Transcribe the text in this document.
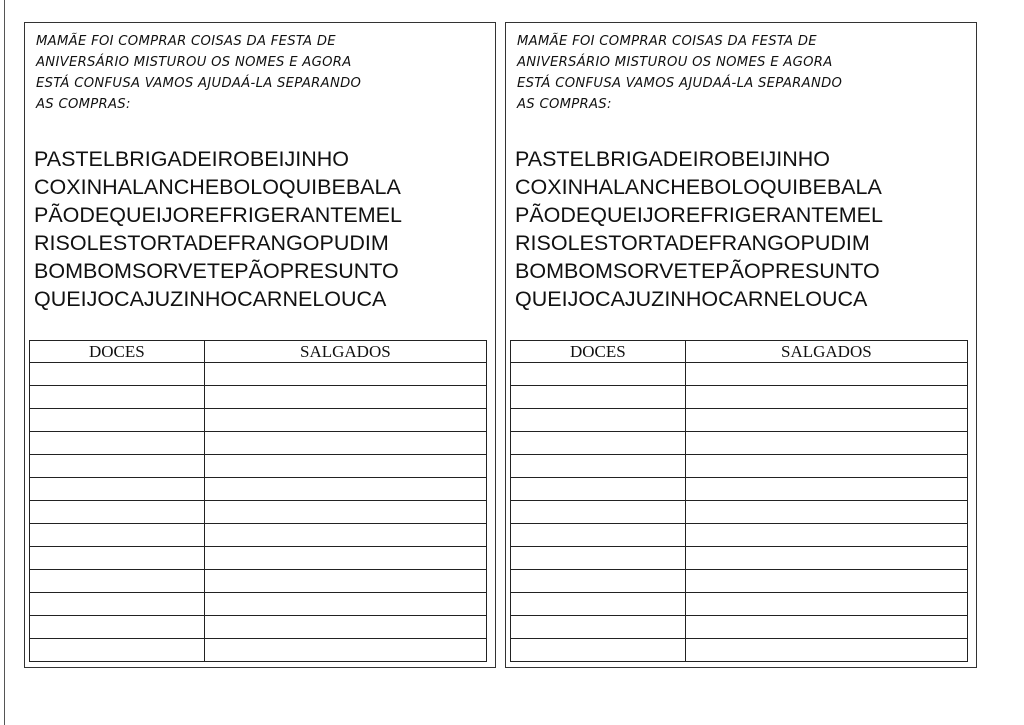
MAMÃE FOI COMPRAR COISAS DA FESTA DE
ANIVERSÁRIO MISTUROU OS NOMES E AGORA
ESTÁ CONFUSA VAMOS AJUDAÁ-LA SEPARANDO
AS COMPRAS:
PASTELBRIGADEIROBEIJINHO
COXINHALANCHEBOLOQUIBEBALA
PÃODEQUEIJOREFRIGERANTEMEL
RISOLESTORTADEFRANGOPUDIM
BOMBOMSORVETEPÃOPRESUNTO
QUEIJOCAJUZINHOCARNELOUCA
DOCES	SALGADOS

MAMÃE FOI COMPRAR COISAS DA FESTA DE
ANIVERSÁRIO MISTUROU OS NOMES E AGORA
ESTÁ CONFUSA VAMOS AJUDAÁ-LA SEPARANDO
AS COMPRAS:
PASTELBRIGADEIROBEIJINHO
COXINHALANCHEBOLOQUIBEBALA
PÃODEQUEIJOREFRIGERANTEMEL
RISOLESTORTADEFRANGOPUDIM
BOMBOMSORVETEPÃOPRESUNTO
QUEIJOCAJUZINHOCARNELOUCA
DOCES	SALGADOS
